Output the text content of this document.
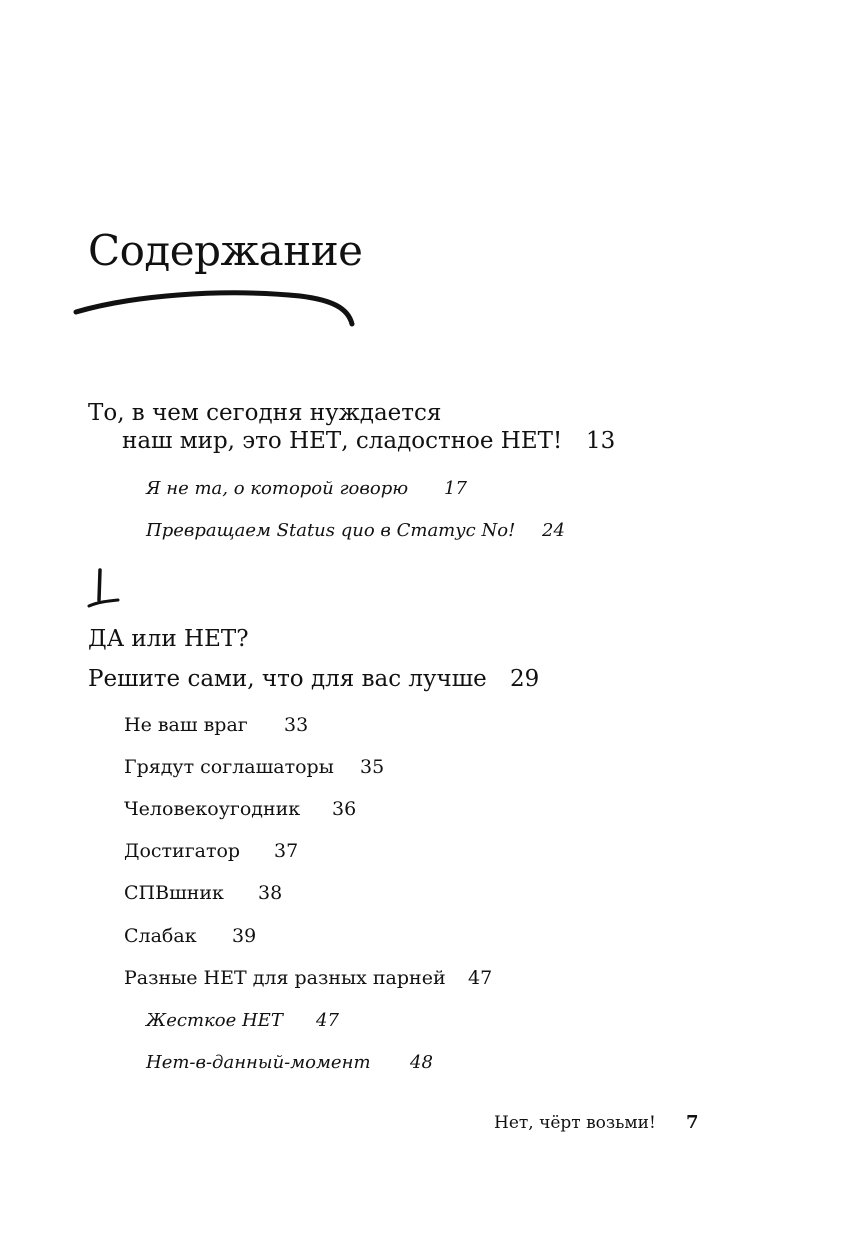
Содержание
То, в чем сегодня нуждается
наш мир, это НЕТ, сладостное НЕТ! 13
Я не та, о которой говорю 17
Превращаем Status quo в Статус No! 24
ДА или НЕТ?
Решите сами, что для вас лучше 29
Не ваш враг 33
Грядут соглашаторы 35
Человекоугодник 36
Достигатор 37
СПВшник 38
Слабак 39
Разные НЕТ для разных парней 47
Жесткое НЕТ 47
Нет-в-данный-момент 48
Нет, чёрт возьми! 7
